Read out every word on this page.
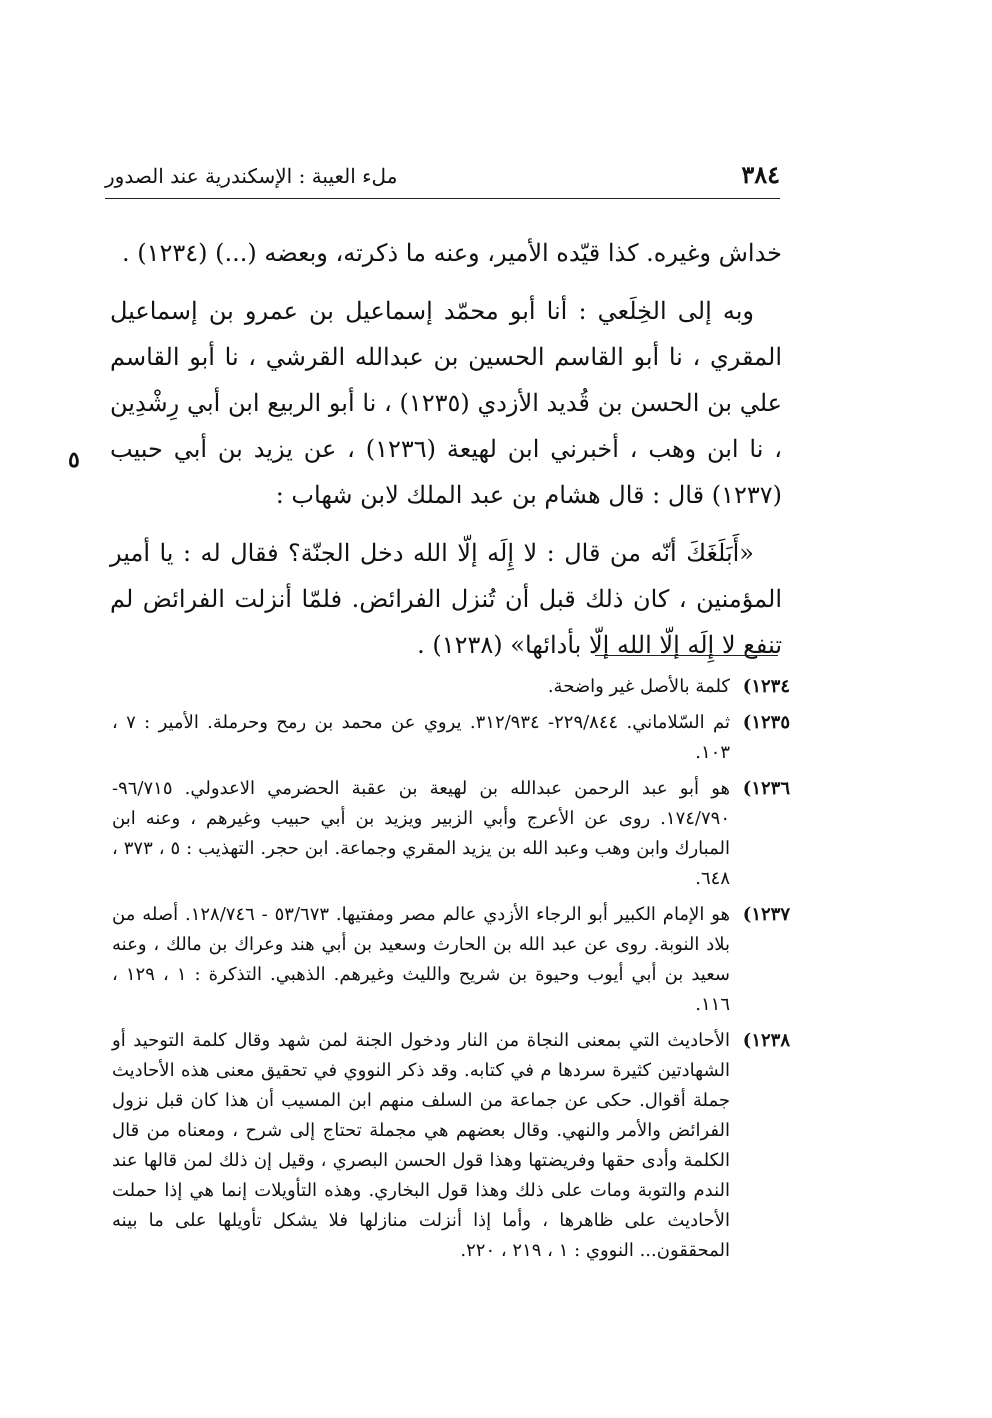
٣٨٤
ملء العيبة : الإسكندرية عند الصدور

خداش وغيره. كذا قيّده الأمير، وعنه ما ذكرته، وبعضه (...) (١٢٣٤) .

وبه إلى الخِلَعي : أنا أبو محمّد إسماعيل بن عمرو بن إسماعيل المقري ، نا أبو القاسم الحسين بن عبدالله القرشي ، نا أبو القاسم علي بن الحسن بن قُديد الأزدي (١٢٣٥) ، نا أبو الربيع ابن أبي رِشْدِين ، نا ابن وهب ، أخبرني ابن لهيعة (١٢٣٦) ، عن يزيد بن أبي حبيب (١٢٣٧) قال : قال هشام بن عبد الملك لابن شهاب :

«أَبَلَغَكَ أنّه من قال : لا إِلَه إلّا الله دخل الجنّة؟ فقال له : يا أمير المؤمنين ، كان ذلك قبل أن تُنزل الفرائض. فلمّا أنزلت الفرائض لم تنفع لا إِلَه إلّا الله إلّا بأدائها» (١٢٣٨) .

٥
١٢٣٤)
كلمة بالأصل غير واضحة.
١٢٣٥)
ثم السّلاماني. ٢٢٩/٨٤٤- ٣١٢/٩٣٤. يروي عن محمد بن رمح وحرملة. الأمير : ٧ ، ١٠٣.
١٢٣٦)
هو أبو عبد الرحمن عبدالله بن لهيعة بن عقبة الحضرمي الاعدولي. ٩٦/٧١٥- ١٧٤/٧٩٠. روى عن الأعرج وأبي الزبير ويزيد بن أبي حبيب وغيرهم ، وعنه ابن المبارك وابن وهب وعبد الله بن يزيد المقري وجماعة. ابن حجر. التهذيب : ٥ ، ٣٧٣ ، ٦٤٨.
١٢٣٧)
هو الإمام الكبير أبو الرجاء الأزدي عالم مصر ومفتيها. ٥٣/٦٧٣ - ١٢٨/٧٤٦. أصله من بلاد النوبة. روى عن عبد الله بن الحارث وسعيد بن أبي هند وعراك بن مالك ، وعنه سعيد بن أبي أيوب وحيوة بن شريح والليث وغيرهم. الذهبي. التذكرة : ١ ، ١٢٩ ، ١١٦.
١٢٣٨)
الأحاديث التي بمعنى النجاة من النار ودخول الجنة لمن شهد وقال كلمة التوحيد أو الشهادتين كثيرة سردها م في كتابه. وقد ذكر النووي في تحقيق معنى هذه الأحاديث جملة أقوال. حكى عن جماعة من السلف منهم ابن المسيب أن هذا كان قبل نزول الفرائض والأمر والنهي. وقال بعضهم هي مجملة تحتاج إلى شرح ، ومعناه من قال الكلمة وأدى حقها وفريضتها وهذا قول الحسن البصري ، وقيل إن ذلك لمن قالها عند الندم والتوبة ومات على ذلك وهذا قول البخاري. وهذه التأويلات إنما هي إذا حملت الأحاديث على ظاهرها ، وأما إذا أنزلت منازلها فلا يشكل تأويلها على ما بينه المحققون... النووي : ١ ، ٢١٩ ، ٢٢٠.
